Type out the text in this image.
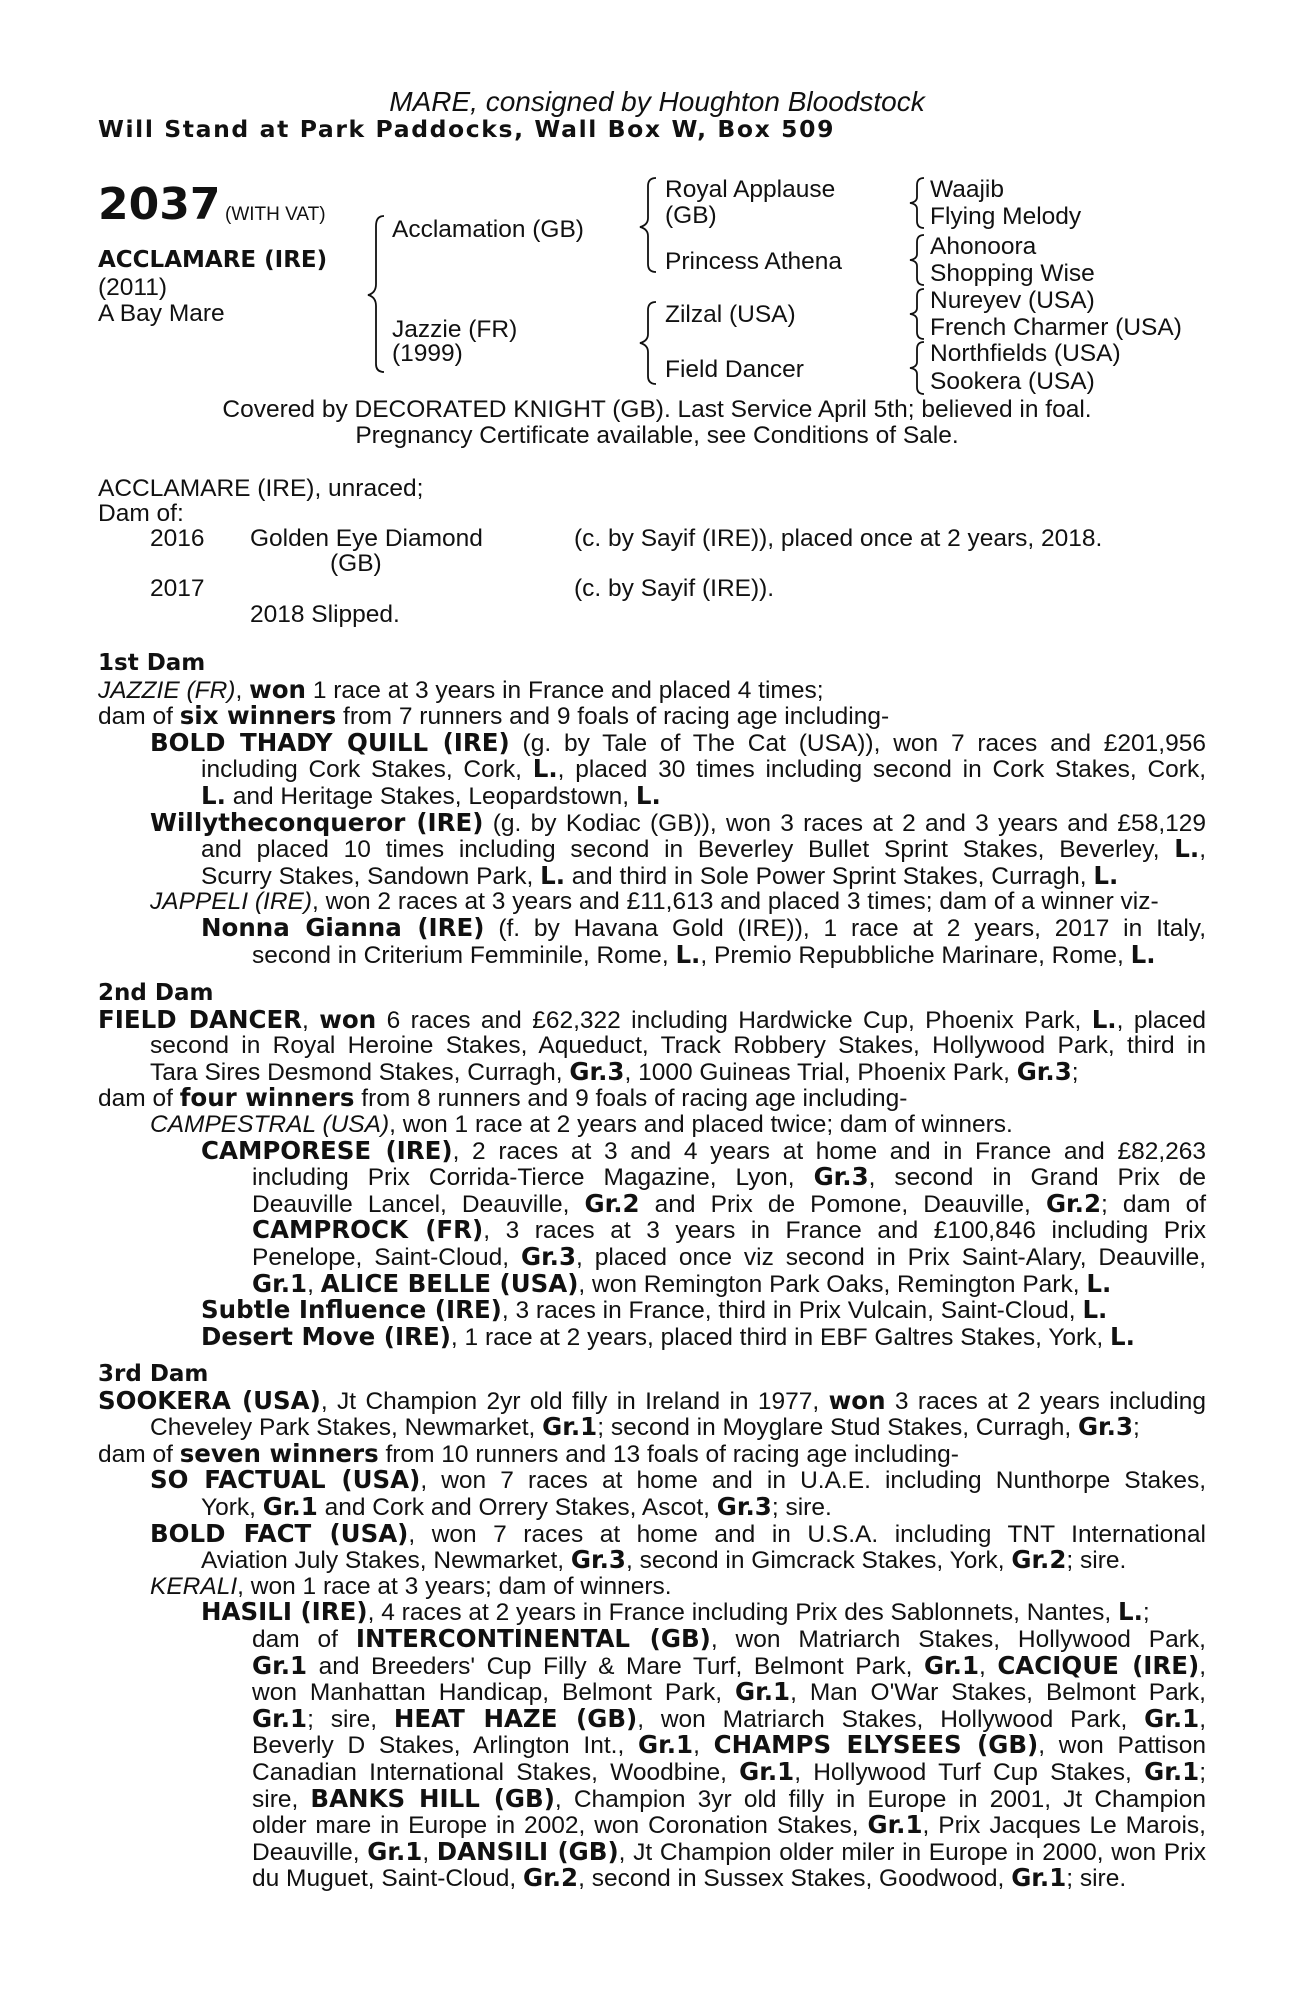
MARE, consigned by Houghton Bloodstock
Will Stand at Park Paddocks, Wall Box W, Box 509
2037 (WITH VAT)
ACCLAMARE (IRE)
(2011)
A Bay Mare
Acclamation (GB)
Jazzie (FR)
(1999)
Royal Applause
(GB)
Princess Athena
Zilzal (USA)
Field Dancer
Waajib
Flying Melody
Ahonoora
Shopping Wise
Nureyev (USA)
French Charmer (USA)
Northfields (USA)
Sookera (USA)
Covered by DECORATED KNIGHT (GB). Last Service April 5th; believed in foal.
Pregnancy Certificate available, see Conditions of Sale.
ACCLAMARE (IRE), unraced;
Dam of:
2016 Golden Eye Diamond
(GB)
(c. by Sayif (IRE)), placed once at 2 years, 2018.
2017
2018 Slipped.
(c. by Sayif (IRE)).

1st Dam

JAZZIE (FR), won 1 race at 3 years in France and placed 4 times;

dam of six winners from 7 runners and 9 foals of racing age including-

BOLD THADY QUILL (IRE) (g. by Tale of The Cat (USA)), won 7 races and £201,956

including Cork Stakes, Cork, L., placed 30 times including second in Cork Stakes, Cork,

L. and Heritage Stakes, Leopardstown, L.

Willytheconqueror (IRE) (g. by Kodiac (GB)), won 3 races at 2 and 3 years and £58,129

and placed 10 times including second in Beverley Bullet Sprint Stakes, Beverley, L.,

Scurry Stakes, Sandown Park, L. and third in Sole Power Sprint Stakes, Curragh, L.

JAPPELI (IRE), won 2 races at 3 years and £11,613 and placed 3 times; dam of a winner viz-

Nonna Gianna (IRE) (f. by Havana Gold (IRE)), 1 race at 2 years, 2017 in Italy,

second in Criterium Femminile, Rome, L., Premio Repubbliche Marinare, Rome, L.

2nd Dam

FIELD DANCER, won 6 races and £62,322 including Hardwicke Cup, Phoenix Park, L., placed

second in Royal Heroine Stakes, Aqueduct, Track Robbery Stakes, Hollywood Park, third in

Tara Sires Desmond Stakes, Curragh, Gr.3, 1000 Guineas Trial, Phoenix Park, Gr.3;

dam of four winners from 8 runners and 9 foals of racing age including-

CAMPESTRAL (USA), won 1 race at 2 years and placed twice; dam of winners.

CAMPORESE (IRE), 2 races at 3 and 4 years at home and in France and £82,263

including Prix Corrida-Tierce Magazine, Lyon, Gr.3, second in Grand Prix de

Deauville Lancel, Deauville, Gr.2 and Prix de Pomone, Deauville, Gr.2; dam of

CAMPROCK (FR), 3 races at 3 years in France and £100,846 including Prix

Penelope, Saint-Cloud, Gr.3, placed once viz second in Prix Saint-Alary, Deauville,

Gr.1, ALICE BELLE (USA), won Remington Park Oaks, Remington Park, L.

Subtle Influence (IRE), 3 races in France, third in Prix Vulcain, Saint-Cloud, L.

Desert Move (IRE), 1 race at 2 years, placed third in EBF Galtres Stakes, York, L.

3rd Dam

SOOKERA (USA), Jt Champion 2yr old filly in Ireland in 1977, won 3 races at 2 years including

Cheveley Park Stakes, Newmarket, Gr.1; second in Moyglare Stud Stakes, Curragh, Gr.3;

dam of seven winners from 10 runners and 13 foals of racing age including-

SO FACTUAL (USA), won 7 races at home and in U.A.E. including Nunthorpe Stakes,

York, Gr.1 and Cork and Orrery Stakes, Ascot, Gr.3; sire.

BOLD FACT (USA), won 7 races at home and in U.S.A. including TNT International

Aviation July Stakes, Newmarket, Gr.3, second in Gimcrack Stakes, York, Gr.2; sire.

KERALI, won 1 race at 3 years; dam of winners.

HASILI (IRE), 4 races at 2 years in France including Prix des Sablonnets, Nantes, L.;

dam of INTERCONTINENTAL (GB), won Matriarch Stakes, Hollywood Park,

Gr.1 and Breeders' Cup Filly & Mare Turf, Belmont Park, Gr.1, CACIQUE (IRE),

won Manhattan Handicap, Belmont Park, Gr.1, Man O'War Stakes, Belmont Park,

Gr.1; sire, HEAT HAZE (GB), won Matriarch Stakes, Hollywood Park, Gr.1,

Beverly D Stakes, Arlington Int., Gr.1, CHAMPS ELYSEES (GB), won Pattison

Canadian International Stakes, Woodbine, Gr.1, Hollywood Turf Cup Stakes, Gr.1;

sire, BANKS HILL (GB), Champion 3yr old filly in Europe in 2001, Jt Champion

older mare in Europe in 2002, won Coronation Stakes, Gr.1, Prix Jacques Le Marois,

Deauville, Gr.1, DANSILI (GB), Jt Champion older miler in Europe in 2000, won Prix

du Muguet, Saint-Cloud, Gr.2, second in Sussex Stakes, Goodwood, Gr.1; sire.
